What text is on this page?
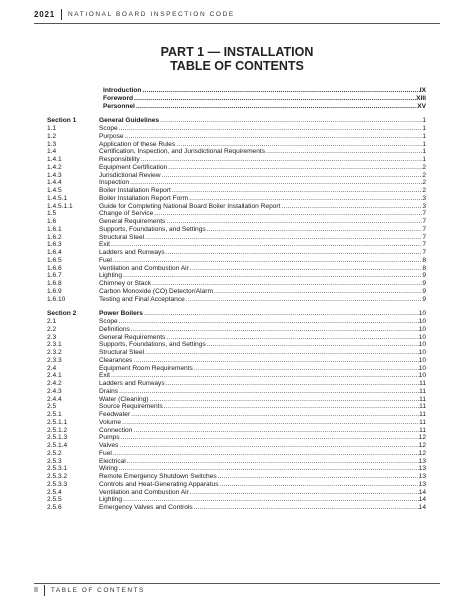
2021	NATIONAL BOARD INSPECTION CODE
PART 1 — INSTALLATION
TABLE OF CONTENTS
Introduction .....	IX
Foreword .....	XIII
Personnel .....	XV
Section 1	General Guidelines .....	1
1.1	Scope .....	1
1.2	Purpose .....	1
1.3	Application of these Rules .....	1
1.4	Certification, Inspection, and Jurisdictional Requirements .....	1
1.4.1	Responsibility .....	1
1.4.2	Equipment Certification .....	2
1.4.3	Jurisdictional Review .....	2
1.4.4	Inspection .....	2
1.4.5	Boiler Installation Report .....	2
1.4.5.1	Boiler Installation Report Form .....	3
1.4.5.1.1	Guide for Completing National Board Boiler Installation Report .....	3
1.5	Change of Service .....	7
1.6	General Requirements .....	7
1.6.1	Supports, Foundations, and Settings .....	7
1.6.2	Structural Steel .....	7
1.6.3	Exit .....	7
1.6.4	Ladders and Runways .....	7
1.6.5	Fuel .....	8
1.6.6	Ventilation and Combustion Air .....	8
1.6.7	Lighting .....	9
1.6.8	Chimney or Stack .....	9
1.6.9	Carbon Monoxide (CO) Detector/Alarm .....	9
1.6.10	Testing and Final Acceptance .....	9
Section 2	Power Boilers .....	10
2.1	Scope .....	10
2.2	Definitions .....	10
2.3	General Requirements .....	10
2.3.1	Supports, Foundations, and Settings .....	10
2.3.2	Structural Steel .....	10
2.3.3	Clearances .....	10
2.4	Equipment Room Requirements .....	10
2.4.1	Exit .....	10
2.4.2	Ladders and Runways .....	11
2.4.3	Drains .....	11
2.4.4	Water (Cleaning) .....	11
2.5	Source Requirements .....	11
2.5.1	Feedwater .....	11
2.5.1.1	Volume .....	11
2.5.1.2	Connection .....	11
2.5.1.3	Pumps .....	12
2.5.1.4	Valves .....	12
2.5.2	Fuel .....	12
2.5.3	Electrical .....	13
2.5.3.1	Wiring .....	13
2.5.3.2	Remote Emergency Shutdown Switches .....	13
2.5.3.3	Controls and Heat-Generating Apparatus .....	13
2.5.4	Ventilation and Combustion Air .....	14
2.5.5	Lighting .....	14
2.5.6	Emergency Valves and Controls .....	14
II	TABLE OF CONTENTS
